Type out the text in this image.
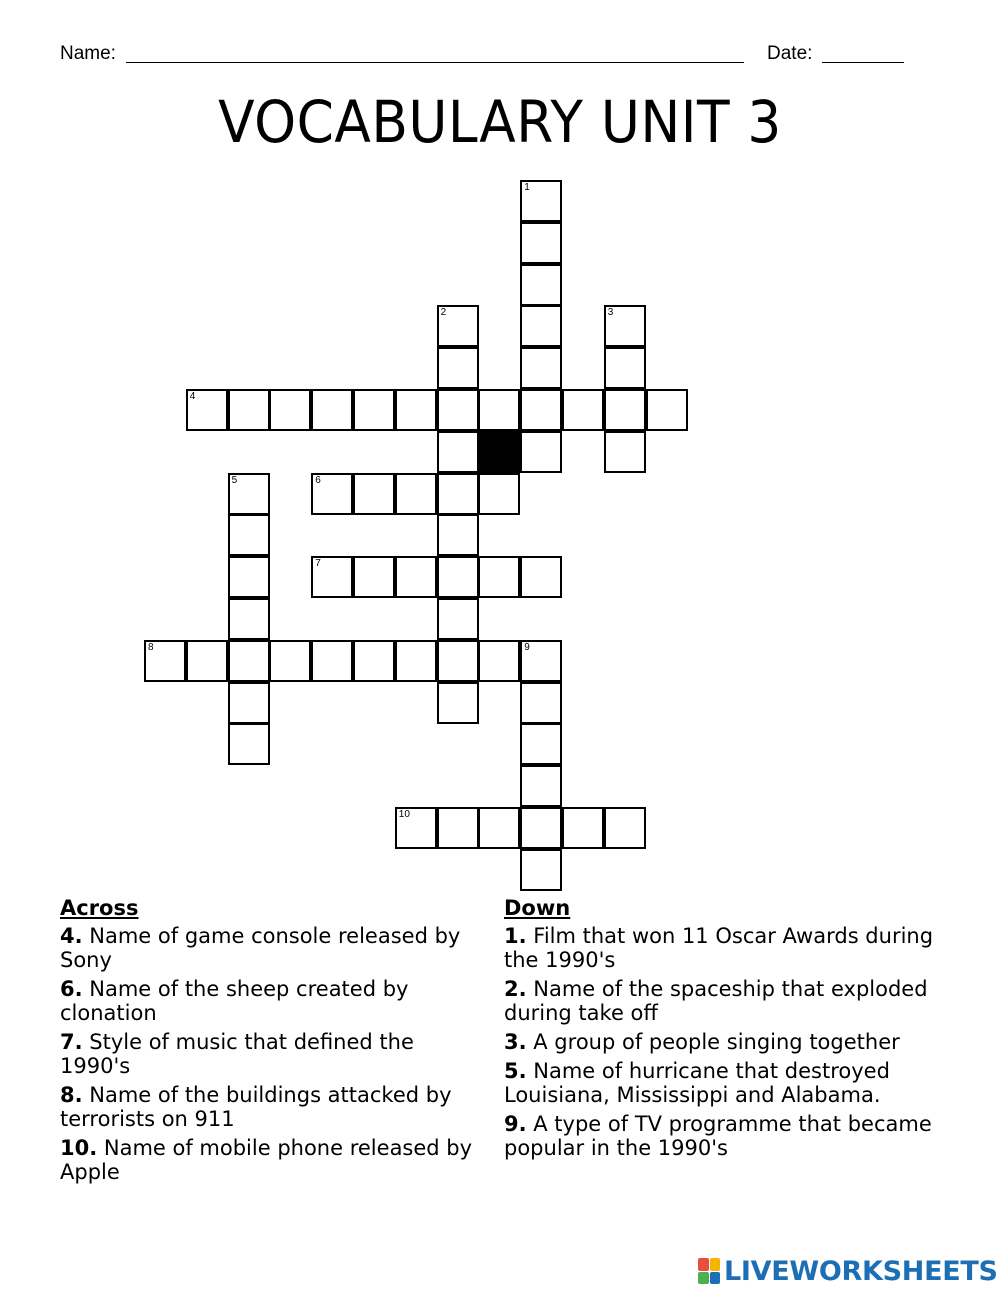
Name:	Date:
VOCABULARY UNIT 3
1
2	3
4
5	6
7
8	9
10
Across
4. Name of game console released by Sony
6. Name of the sheep created by clonation
7. Style of music that defined the 1990's
8. Name of the buildings attacked by terrorists on 911
10. Name of mobile phone released by Apple
Down
1. Film that won 11 Oscar Awards during the 1990's
2. Name of the spaceship that exploded during take off
3. A group of people singing together
5. Name of hurricane that destroyed Louisiana, Mississippi and Alabama.
9. A type of TV programme that became popular in the 1990's
LIVEWORKSHEETS
